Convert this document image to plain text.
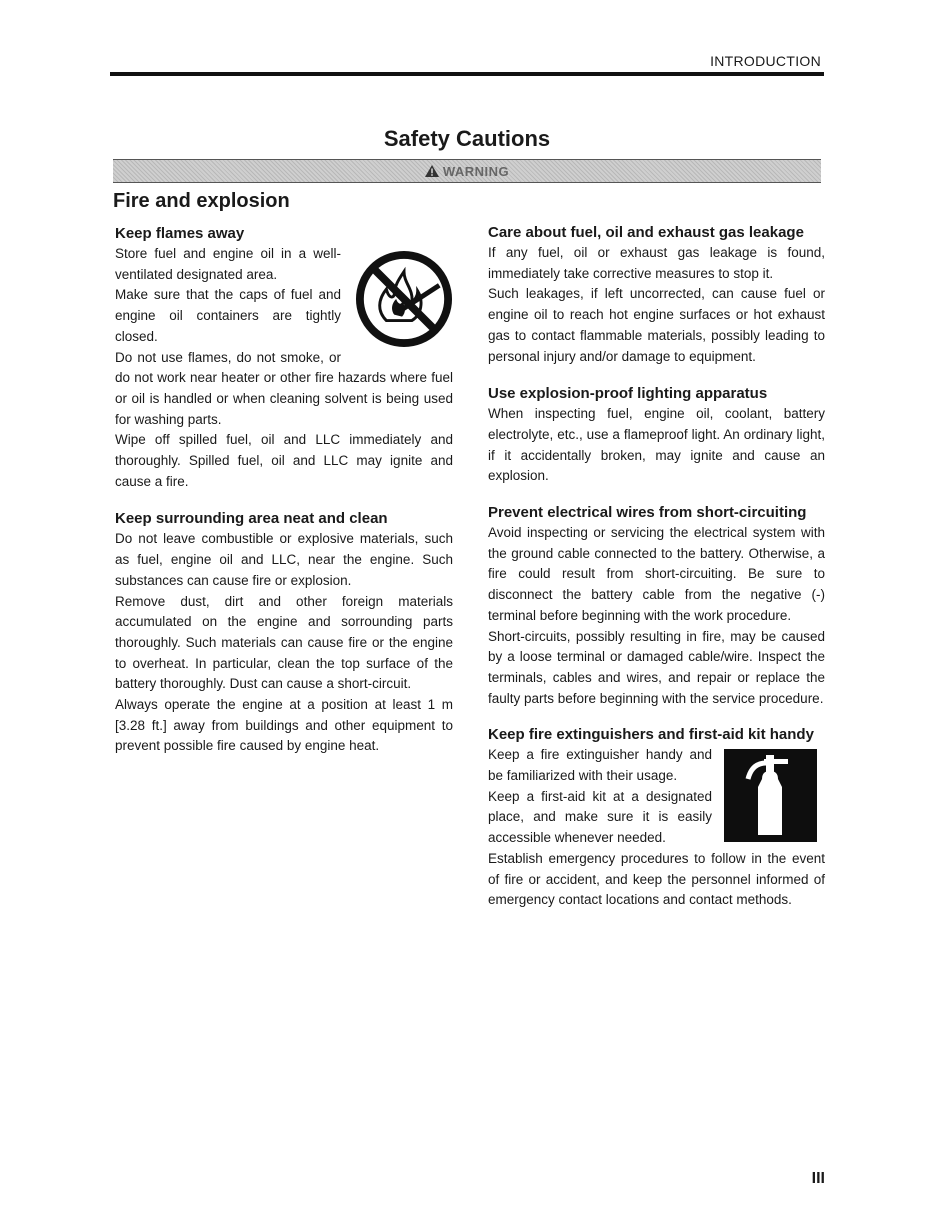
INTRODUCTION
Safety Cautions
WARNING
Fire and explosion
Keep flames away

Store fuel and engine oil in a well-ventilated designated area.

Make sure that the caps of fuel and engine oil containers are tightly closed.

Do not use flames, do not smoke, or do not work near heater or other fire hazards where fuel or oil is handled or when cleaning solvent is being used for washing parts.

Wipe off spilled fuel, oil and LLC immediately and thoroughly. Spilled fuel, oil and LLC may ignite and cause a fire.

Keep surrounding area neat and clean

Do not leave combustible or explosive materials, such as fuel, engine oil and LLC, near the engine. Such substances can cause fire or explosion.

Remove dust, dirt and other foreign materials accumulated on the engine and sorrounding parts thoroughly. Such materials can cause fire or the engine to overheat. In particular, clean the top surface of the battery thoroughly. Dust can cause a short-circuit.

Always operate the engine at a position at least 1 m [3.28 ft.] away from buildings and other equipment to prevent possible fire caused by engine heat.

Care about fuel, oil and exhaust gas leakage

If any fuel, oil or exhaust gas leakage is found, immediately take corrective measures to stop it.

Such leakages, if left uncorrected, can cause fuel or engine oil to reach hot engine surfaces or hot exhaust gas to contact flammable materials, possibly leading to personal injury and/or damage to equipment.

Use explosion-proof lighting apparatus

When inspecting fuel, engine oil, coolant, battery electrolyte, etc., use a flameproof light. An ordinary light, if it accidentally broken, may ignite and cause an explosion.

Prevent electrical wires from short-circuiting

Avoid inspecting or servicing the electrical system with the ground cable connected to the battery. Otherwise, a fire could result from short-circuiting. Be sure to disconnect the battery cable from the negative (-) terminal before beginning with the work procedure.

Short-circuits, possibly resulting in fire, may be caused by a loose terminal or damaged cable/wire. Inspect the terminals, cables and wires, and repair or replace the faulty parts before beginning with the service procedure.

Keep fire extinguishers and first-aid kit handy

Keep a fire extinguisher handy and be familiarized with their usage.

Keep a first-aid kit at a designated place, and make sure it is easily accessible whenever needed.

Establish emergency procedures to follow in the event of fire or accident, and keep the personnel informed of emergency contact locations and contact methods.

III
